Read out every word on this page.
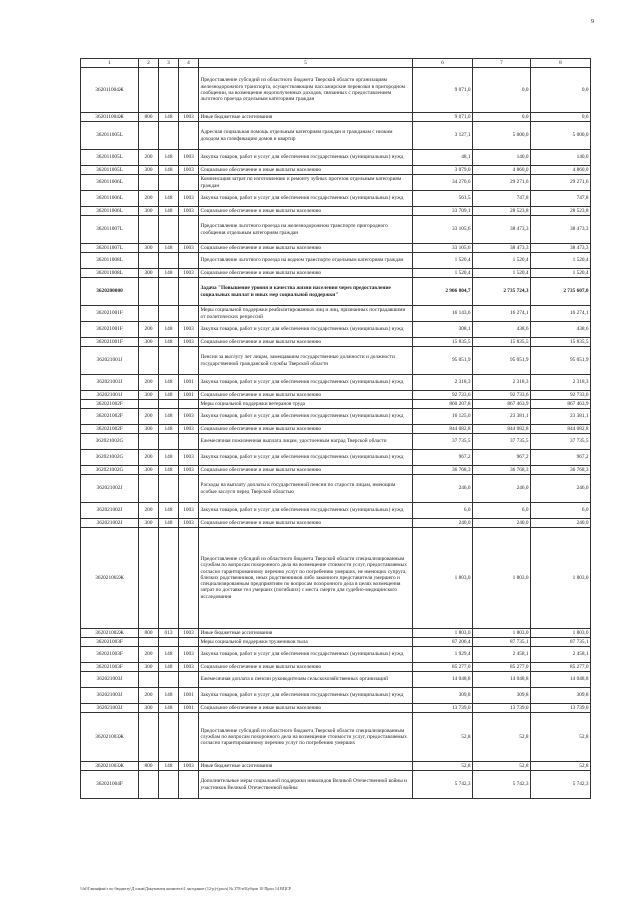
9
1	2	3	4	5	6	7	8
362011004Ж				Предоставление субсидий из областного бюджета Тверской области организациям железнодорожного транспорта, осуществляющим пассажирские перевозки в пригородном сообщении, на возмещение недополученных доходов, связанных с предоставлением льготного проезда отдельным категориям граждан	9 071,0	0,0	0,0
362011004Ж	800	148	1003	Иные бюджетные ассигнования	9 071,0	0,0	0,0
362011005L				Адресная социальная помощь отдельным категориям граждан и гражданам с низким доходом на газификацию домов и квартир	3 127,1	5 000,0	5 000,0
362011005L	200	148	1003	Закупка товаров, работ и услуг для обеспечения государственных (муниципальных) нужд	48,1	140,0	140,0
362011005L	300	148	1003	Социальное обеспечение и иные выплаты населению	3 079,0	4 860,0	4 860,0
362011006L				Компенсация затрат по изготовлению и ремонту зубных протезов отдельным категориям граждан	34 270,6	29 271,6	29 271,6
362011006L	200	148	1003	Закупка товаров, работ и услуг для обеспечения государственных (муниципальных) нужд	561,5	747,8	747,8
362011006L	300	148	1003	Социальное обеспечение и иные выплаты населению	33 709,1	28 523,8	28 523,8
362011007L				Предоставление льготного проезда на железнодорожном транспорте пригородного сообщения отдельным категориям граждан	33 105,6	38 473,3	38 473,3
362011007L	300	148	1003	Социальное обеспечение и иные выплаты населению	33 105,6	38 473,3	38 473,3
362011008L				Предоставление льготного проезда на водном транспорте отдельным категориям граждан	1 520,4	1 520,4	1 520,4
362011008L	300	148	1003	Социальное обеспечение и иные выплаты населению	1 520,4	1 520,4	1 520,4
3620200000				Задача "Повышение уровня и качества жизни населения через предоставление социальных выплат и иных мер социальной поддержки"	2 906 804,7	2 735 724,3	2 735 607,0
362021001F				Меры социальной поддержки реабилитированных лиц и лиц, признанных пострадавшими от политических репрессий	16 143,6	16 274,1	16 274,1
362021001F	200	148	1003	Закупка товаров, работ и услуг для обеспечения государственных (муниципальных) нужд	308,1	438,6	438,6
362021001F	300	148	1003	Социальное обеспечение и иные выплаты населению	15 835,5	15 835,5	15 835,5
362021001J				Пенсии за выслугу лет лицам, замещавшим государственные должности и должности государственной гражданской службы Тверской области	95 051,9	95 051,9	95 051,9
362021001J	200	148	1001	Закупка товаров, работ и услуг для обеспечения государственных (муниципальных) нужд	2 318,3	2 318,3	2 318,3
362021001J	300	148	1001	Социальное обеспечение и иные выплаты населению	92 733,6	92 733,6	92 733,6
362021002F				Меры социальной поддержки ветеранов труда	860 207,8	867 463,9	867 463,9
362021002F	200	148	1003	Закупка товаров, работ и услуг для обеспечения государственных (муниципальных) нужд	16 125,0	23 381,1	23 381,1
362021002F	300	148	1003	Социальное обеспечение и иные выплаты населению	844 082,8	844 082,8	844 082,8
362021002G				Ежемесячная пожизненная выплата лицам, удостоенным наград Тверской области	37 735,5	37 735,5	37 735,5
362021002G	200	148	1003	Закупка товаров, работ и услуг для обеспечения государственных (муниципальных) нужд	967,2	967,2	967,2
362021002G	300	148	1003	Социальное обеспечение и иные выплаты населению	36 768,3	36 768,3	36 768,3
362021002J				Расходы на выплату доплаты к государственной пенсии по старости лицам, имеющим особые заслуги перед Тверской областью	246,0	246,0	246,0
362021002J	200	148	1003	Закупка товаров, работ и услуг для обеспечения государственных (муниципальных) нужд	6,0	6,0	6,0
362021002J	300	148	1003	Социальное обеспечение и иные выплаты населению	240,0	240,0	240,0
362021002Ж				Предоставление субсидий из областного бюджета Тверской области специализированным службам по вопросам похоронного дела на возмещение стоимости услуг, предоставляемых согласно гарантированному перечню услуг по погребению умерших, не имеющих супруга, близких родственников, иных родственников либо законного представителя умершего и специализированным предприятиям по вопросам похоронного дела в целях возмещения затрат по доставке тел умерших (погибших) с места смерти для судебно-медицинского исследования	1 803,0	1 803,0	1 803,0
362021002Ж	800	013	1003	Иные бюджетные ассигнования	1 803,0	1 803,0	1 803,0
362021003F				Меры социальной поддержки тружеников тыла	87 206,4	87 735,1	87 735,1
362021003F	200	148	1003	Закупка товаров, работ и услуг для обеспечения государственных (муниципальных) нужд	1 929,4	2 458,1	2 458,1
362021003F	300	148	1003	Социальное обеспечение и иные выплаты населению	85 277,0	85 277,0	85 277,0
362021003J				Ежемесячная доплата к пенсии руководителям сельскохозяйственных организаций	14 048,8	14 048,8	14 048,8
362021003J	200	148	1001	Закупка товаров, работ и услуг для обеспечения государственных (муниципальных) нужд	309,8	309,8	309,8
362021003J	300	148	1001	Социальное обеспечение и иные выплаты населению	13 739,0	13 739,0	13 739,0
362021003Ж				Предоставление субсидий из областного бюджета Тверской области специализированным службам по вопросам похоронного дела на возмещение стоимости услуг, предоставляемых согласно гарантированному перечню услуг по погребению умерших	52,8	52,8	52,8
362021003Ж	800	148	1003	Иные бюджетные ассигнования	52,8	52,8	52,8
362021004F				Дополнительные меры социальной поддержки инвалидов Великой Отечественной войны и участников Великой Отечественной войны	5 742,3	5 742,3	5 742,3
\\fs01\минфин\т по бюджету\Д озыв\Документы комитета\1 заседание (12-р)-(расп) № 378-п\Бубцов 10 Прил 14 ВЦСР
